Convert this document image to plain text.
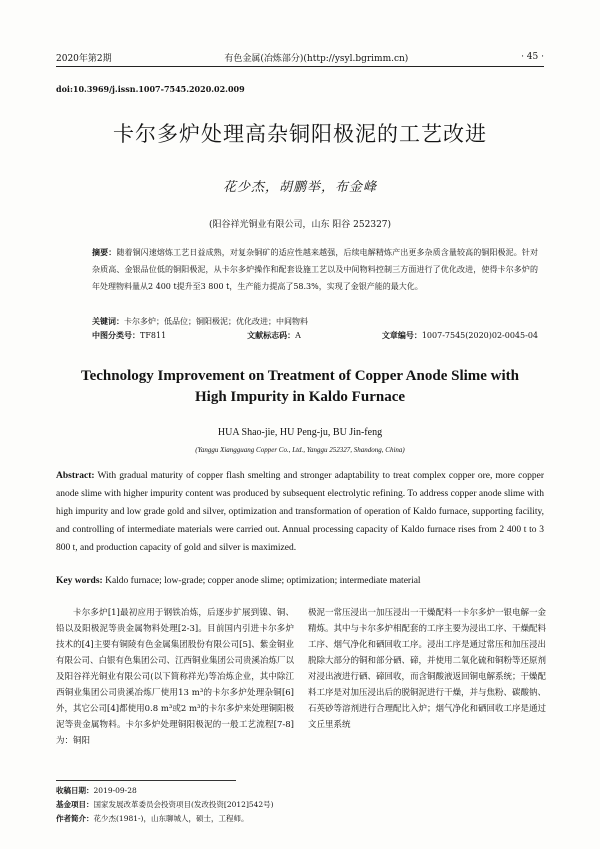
2020年第2期	有色金属(冶炼部分)(http://ysyl.bgrimm.cn)	· 45 ·
doi:10.3969/j.issn.1007-7545.2020.02.009
卡尔多炉处理高杂铜阳极泥的工艺改进
花少杰，胡鹏举，布金峰
(阳谷祥光铜业有限公司，山东 阳谷 252327)
摘要：随着铜闪速熔炼工艺日益成熟，对复杂铜矿的适应性越来越强，后续电解精炼产出更多杂质含量较高的铜阳极泥。针对杂质高、金银品位低的铜阳极泥，从卡尔多炉操作和配套设施工艺以及中间物料控制三方面进行了优化改进，使得卡尔多炉的年处理物料量从2 400 t提升至3 800 t，生产能力提高了58.3%，实现了金银产能的最大化。
关键词：卡尔多炉；低品位；铜阳极泥；优化改进；中间物料
中图分类号：TF811	文献标志码：A	文章编号：1007-7545(2020)02-0045-04
Technology Improvement on Treatment of Copper Anode Slime with
High Impurity in Kaldo Furnace
HUA Shao-jie, HU Peng-ju, BU Jin-feng
(Yanggu Xiangguang Copper Co., Ltd., Yanggu 252327, Shandong, China)
Abstract: With gradual maturity of copper flash smelting and stronger adaptability to treat complex copper ore, more copper anode slime with higher impurity content was produced by subsequent electrolytic refining. To address copper anode slime with high impurity and low grade gold and silver, optimization and transformation of operation of Kaldo furnace, supporting facility, and controlling of intermediate materials were carried out. Annual processing capacity of Kaldo furnace rises from 2 400 t to 3 800 t, and production capacity of gold and silver is maximized.
Key words: Kaldo furnace; low-grade; copper anode slime; optimization; intermediate material

卡尔多炉[1]最初应用于钢铁冶炼，后逐步扩展到镍、铜、铅以及阳极泥等贵金属物料处理[2-3]。目前国内引进卡尔多炉技术的[4]主要有铜陵有色金属集团股份有限公司[5]、紫金铜业有限公司、白银有色集团公司、江西铜业集团公司贵溪冶炼厂以及阳谷祥光铜业有限公司(以下简称祥光)等冶炼企业，其中除江西铜业集团公司贵溪冶炼厂使用13 m³的卡尔多炉处理杂铜[6]外，其它公司[4]都使用0.8 m³或2 m³的卡尔多炉来处理铜阳极泥等贵金属物料。卡尔多炉处理铜阳极泥的一般工艺流程[7-8]为：铜阳

极泥一常压浸出一加压浸出一干燥配料一卡尔多炉一银电解一金精炼。其中与卡尔多炉相配套的工序主要为浸出工序、干燥配料工序、烟气净化和硒回收工序。浸出工序是通过常压和加压浸出脱除大部分的铜和部分硒、碲，并使用二氧化硫和铜粉等还原剂对浸出液进行硒、碲回收，而含铜酸液返回铜电解系统；干燥配料工序是对加压浸出后的脱铜泥进行干燥，并与焦粉、碳酸钠、石英砂等溶剂进行合理配比入炉；烟气净化和硒回收工序是通过文丘里系统

收稿日期：2019-09-28
基金项目：国家发展改革委员会投资项目(发改投资[2012]542号)
作者简介：花少杰(1981-)，山东聊城人，硕士，工程师。
